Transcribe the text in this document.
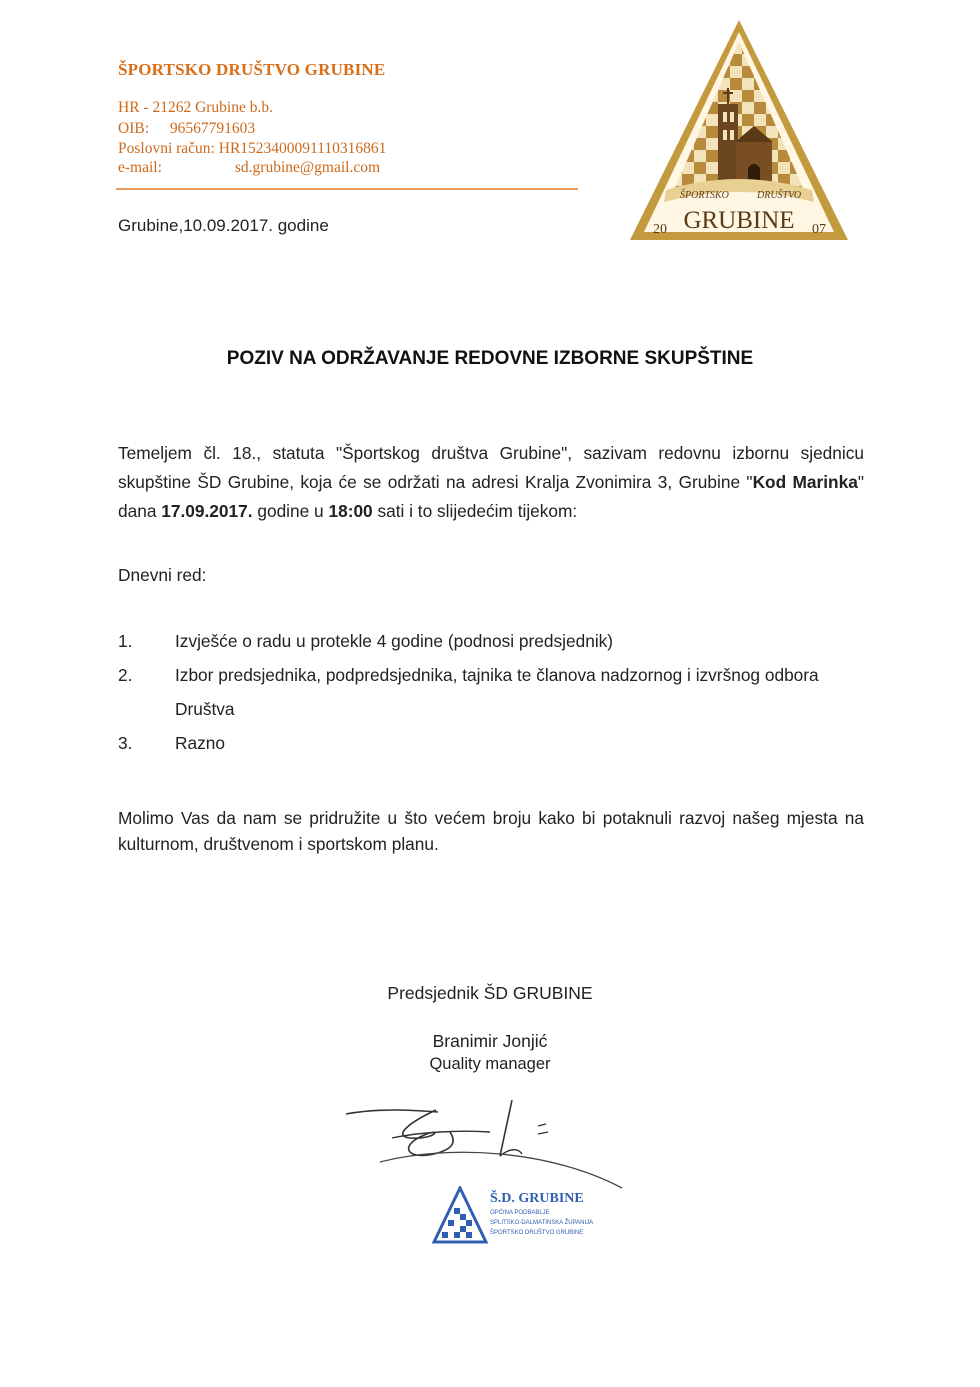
ŠPORTSKO DRUŠTVO GRUBINE
HR - 21262 Grubine b.b.
OIB: 96567791603
Poslovni račun: HR1523400091110316861
e-mail:	sd.grubine@gmail.com
Grubine,10.09.2017. godine
ŠPORTSKO	DRUŠTVO
GRUBINE
20	07
POZIV NA ODRŽAVANJE REDOVNE IZBORNE SKUPŠTINE
Temeljem čl. 18., statuta "Športskog društva Grubine", sazivam redovnu izbornu sjednicu skupštine ŠD Grubine, koja će se održati na adresi Kralja Zvonimira 3, Grubine "Kod Marinka" dana 17.09.2017. godine u 18:00 sati i to slijedećim tijekom:
Dnevni red:
1. Izvješće o radu u protekle 4 godine (podnosi predsjednik)
2. Izbor predsjednika, podpredsjednika, tajnika te članova nadzornog i izvršnog odbora Društva
3. Razno
Molimo Vas da nam se pridružite u što većem broju kako bi potaknuli razvoj našeg mjesta na kulturnom, društvenom i sportskom planu.
Predsjednik ŠD GRUBINE
Branimir Jonjić
Quality manager
Š.D. GRUBINE
OPĆINA PODBABLJE
SPLITSKO-DALMATINSKA ŽUPANIJA
ŠPORTSKO DRUŠTVO GRUBINE
